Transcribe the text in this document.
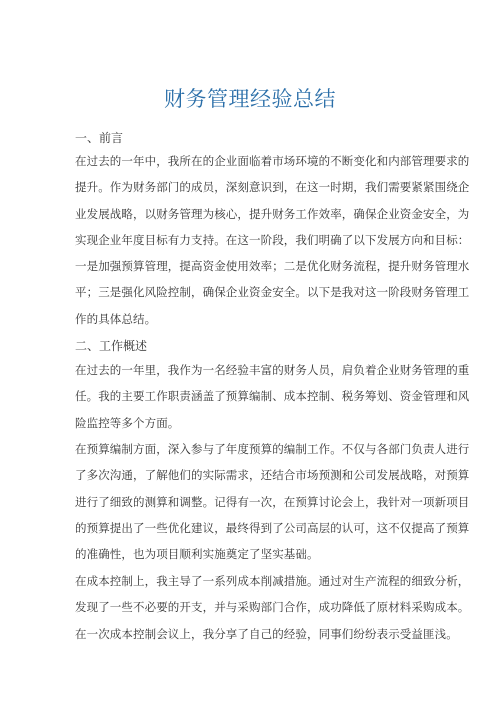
财务管理经验总结
一、前言
在过去的一年中，我所在的企业面临着市场环境的不断变化和内部管理要求的
提升。作为财务部门的成员，深刻意识到，在这一时期，我们需要紧紧围绕企
业发展战略，以财务管理为核心，提升财务工作效率，确保企业资金安全，为
实现企业年度目标有力支持。在这一阶段，我们明确了以下发展方向和目标：
一是加强预算管理，提高资金使用效率；二是优化财务流程，提升财务管理水
平；三是强化风险控制，确保企业资金安全。以下是我对这一阶段财务管理工
作的具体总结。
二、工作概述
在过去的一年里，我作为一名经验丰富的财务人员，肩负着企业财务管理的重
任。我的主要工作职责涵盖了预算编制、成本控制、税务筹划、资金管理和风
险监控等多个方面。
在预算编制方面，深入参与了年度预算的编制工作。不仅与各部门负责人进行
了多次沟通，了解他们的实际需求，还结合市场预测和公司发展战略，对预算
进行了细致的测算和调整。记得有一次，在预算讨论会上，我针对一项新项目
的预算提出了一些优化建议，最终得到了公司高层的认可，这不仅提高了预算
的准确性，也为项目顺利实施奠定了坚实基础。
在成本控制上，我主导了一系列成本削减措施。通过对生产流程的细致分析，
发现了一些不必要的开支，并与采购部门合作，成功降低了原材料采购成本。
在一次成本控制会议上，我分享了自己的经验，同事们纷纷表示受益匪浅。
